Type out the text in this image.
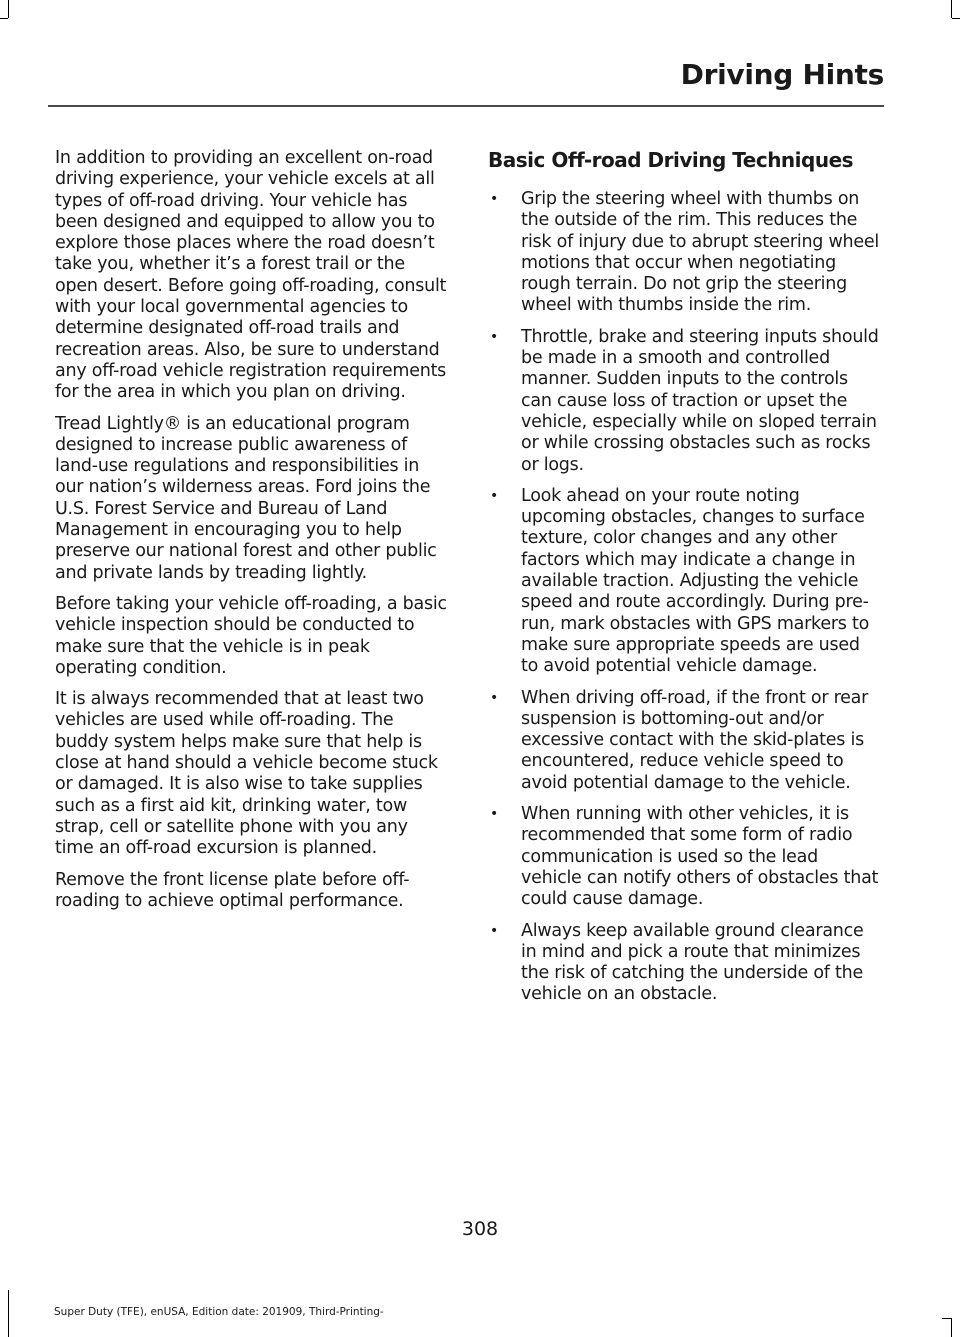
Driving Hints

In addition to providing an excellent on-road driving experience, your vehicle excels at all types of off-road driving. Your vehicle has been designed and equipped to allow you to explore those places where the road doesn’t take you, whether it’s a forest trail or the open desert. Before going off-roading, consult with your local governmental agencies to determine designated off-road trails and recreation areas. Also, be sure to understand any off-road vehicle registration requirements for the area in which you plan on driving.

Tread Lightly® is an educational program designed to increase public awareness of land-use regulations and responsibilities in our nation’s wilderness areas. Ford joins the U.S. Forest Service and Bureau of Land Management in encouraging you to help preserve our national forest and other public and private lands by treading lightly.

Before taking your vehicle off-roading, a basic vehicle inspection should be conducted to make sure that the vehicle is in peak operating condition.

It is always recommended that at least two vehicles are used while off-roading. The buddy system helps make sure that help is close at hand should a vehicle become stuck or damaged. It is also wise to take supplies such as a first aid kit, drinking water, tow strap, cell or satellite phone with you any time an off-road excursion is planned.

Remove the front license plate before off-roading to achieve optimal performance.

Basic Off-road Driving Techniques
• Grip the steering wheel with thumbs on the outside of the rim. This reduces the risk of injury due to abrupt steering wheel motions that occur when negotiating rough terrain. Do not grip the steering wheel with thumbs inside the rim.
• Throttle, brake and steering inputs should be made in a smooth and controlled manner. Sudden inputs to the controls can cause loss of traction or upset the vehicle, especially while on sloped terrain or while crossing obstacles such as rocks or logs.
• Look ahead on your route noting upcoming obstacles, changes to surface texture, color changes and any other factors which may indicate a change in available traction. Adjusting the vehicle speed and route accordingly. During pre-run, mark obstacles with GPS markers to make sure appropriate speeds are used to avoid potential vehicle damage.
• When driving off-road, if the front or rear suspension is bottoming-out and/or excessive contact with the skid-plates is encountered, reduce vehicle speed to avoid potential damage to the vehicle.
• When running with other vehicles, it is recommended that some form of radio communication is used so the lead vehicle can notify others of obstacles that could cause damage.
• Always keep available ground clearance in mind and pick a route that minimizes the risk of catching the underside of the vehicle on an obstacle.
308
Super Duty (TFE), enUSA, Edition date: 201909, Third-Printing-
